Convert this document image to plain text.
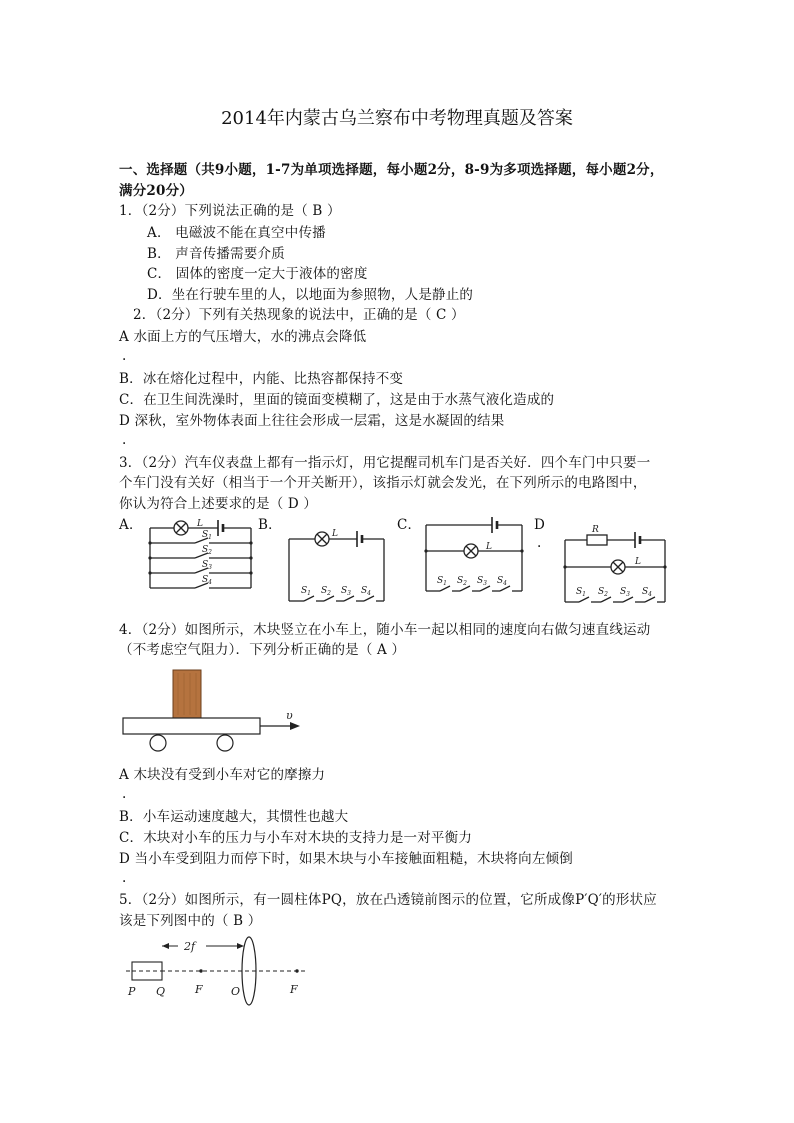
2014年内蒙古乌兰察布中考物理真题及答案
一、选择题（共9小题，1-7为单项选择题，每小题2分，8-9为多项选择题，每小题2分，
满分20分）
1．（2分）下列说法正确的是（ B ）
A． 电磁波不能在真空中传播
B． 声音传播需要介质
C． 固体的密度一定大于液体的密度
D．坐在行驶车里的人，以地面为参照物，人是静止的
2．（2分）下列有关热现象的说法中，正确的是（ C ）
A 水面上方的气压增大，水的沸点会降低
.
B．冰在熔化过程中，内能、比热容都保持不变
C．在卫生间洗澡时，里面的镜面变模糊了，这是由于水蒸气液化造成的
D 深秋，室外物体表面上往往会形成一层霜，这是水凝固的结果
.
3．（2分）汽车仪表盘上都有一指示灯，用它提醒司机车门是否关好．四个车门中只要一
个车门没有关好（相当于一个开关断开），该指示灯就会发光，在下列所示的电路图中，
你认为符合上述要求的是（ D ）
A．	B．	C．	D
.
L
$S_1$
$S_2$
$S_3$
$S_4$
L
$S_1$ $S_2$ $S_3$ $S_4$
L
$S_1$ $S_2$ $S_3$ $S_4$
R
L
$S_1$ $S_2$ $S_3$ $S_4$
4．（2分）如图所示，木块竖立在小车上，随小车一起以相同的速度向右做匀速直线运动
（不考虑空气阻力）．下列分析正确的是（ A ）
υ
A 木块没有受到小车对它的摩擦力
.
B．小车运动速度越大，其惯性也越大
C．木块对小车的压力与小车对木块的支持力是一对平衡力
D 当小车受到阻力而停下时，如果木块与小车接触面粗糙，木块将向左倾倒
.
5．（2分）如图所示，有一圆柱体PQ，放在凸透镜前图示的位置，它所成像P′Q′的形状应
该是下列图中的（ B ）
2f
P Q	F	O	F
